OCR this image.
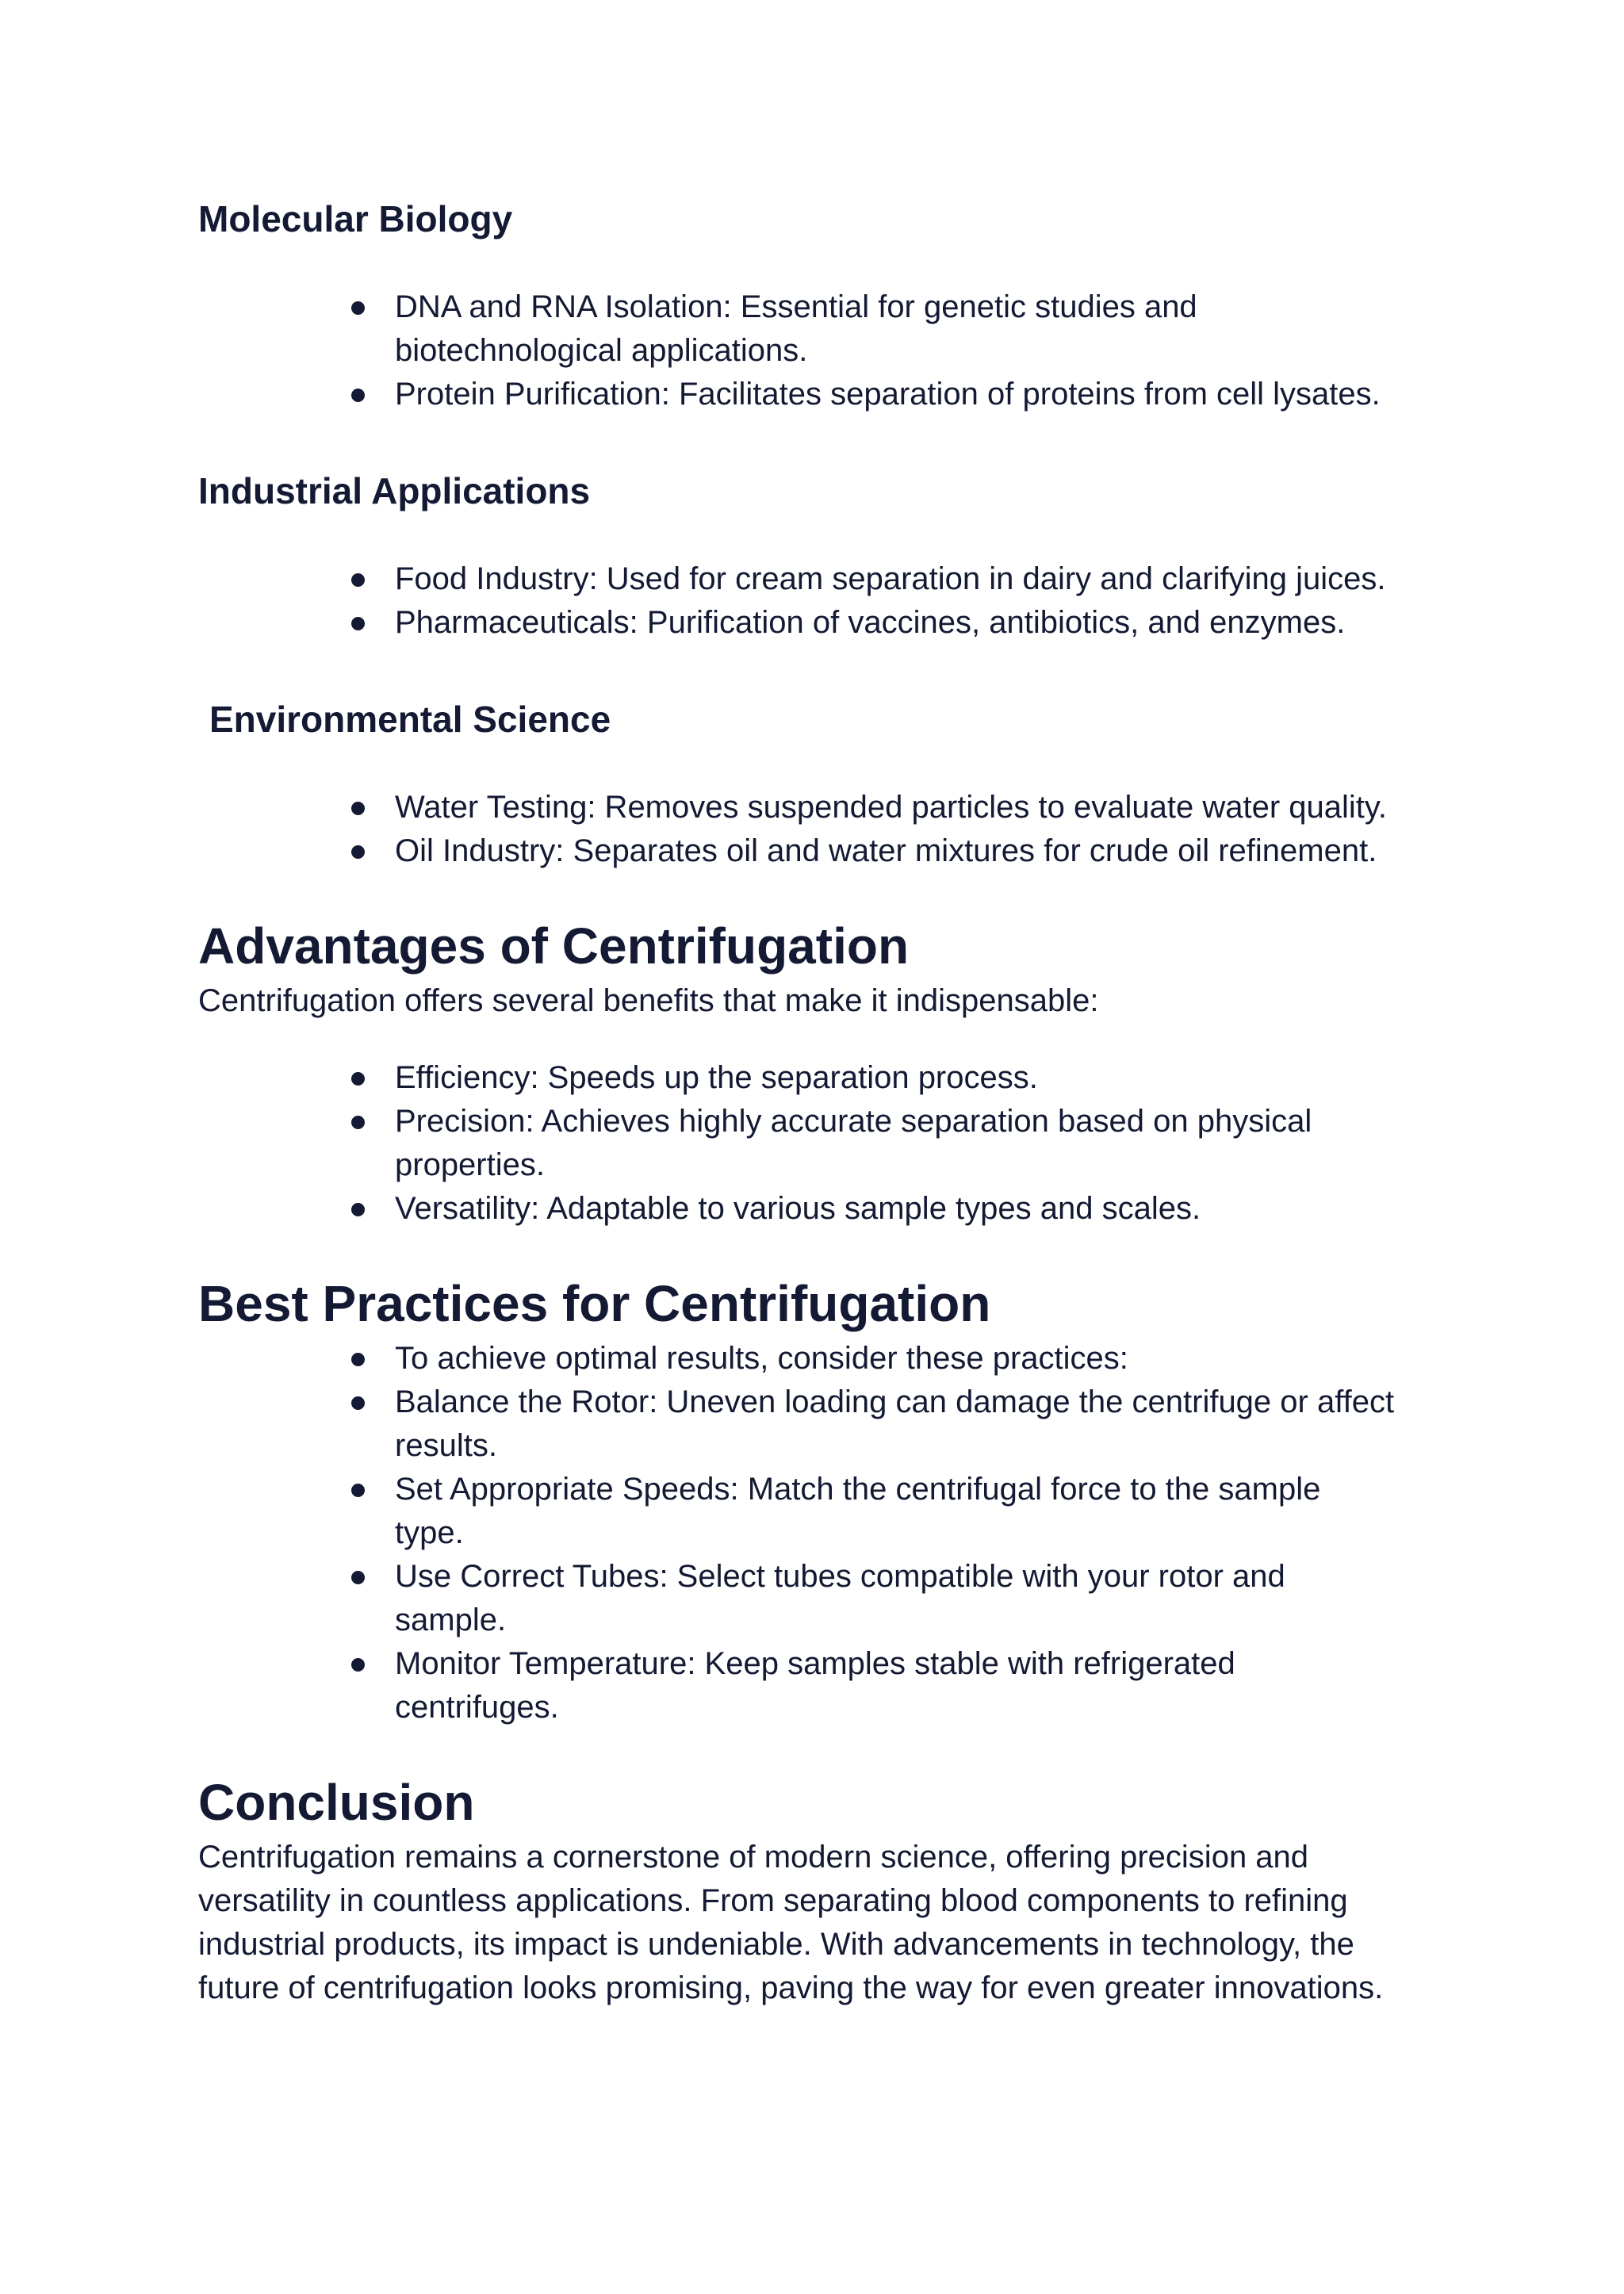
Molecular Biology
DNA and RNA Isolation: Essential for genetic studies and biotechnological applications.
Protein Purification: Facilitates separation of proteins from cell lysates.
Industrial Applications
Food Industry: Used for cream separation in dairy and clarifying juices.
Pharmaceuticals: Purification of vaccines, antibiotics, and enzymes.
Environmental Science
Water Testing: Removes suspended particles to evaluate water quality.
Oil Industry: Separates oil and water mixtures for crude oil refinement.
Advantages of Centrifugation

Centrifugation offers several benefits that make it indispensable:

Efficiency: Speeds up the separation process.
Precision: Achieves highly accurate separation based on physical properties.
Versatility: Adaptable to various sample types and scales.
Best Practices for Centrifugation
To achieve optimal results, consider these practices:
Balance the Rotor: Uneven loading can damage the centrifuge or affect results.
Set Appropriate Speeds: Match the centrifugal force to the sample type.
Use Correct Tubes: Select tubes compatible with your rotor and sample.
Monitor Temperature: Keep samples stable with refrigerated centrifuges.
Conclusion

Centrifugation remains a cornerstone of modern science, offering precision and versatility in countless applications. From separating blood components to refining industrial products, its impact is undeniable. With advancements in technology, the future of centrifugation looks promising, paving the way for even greater innovations.
